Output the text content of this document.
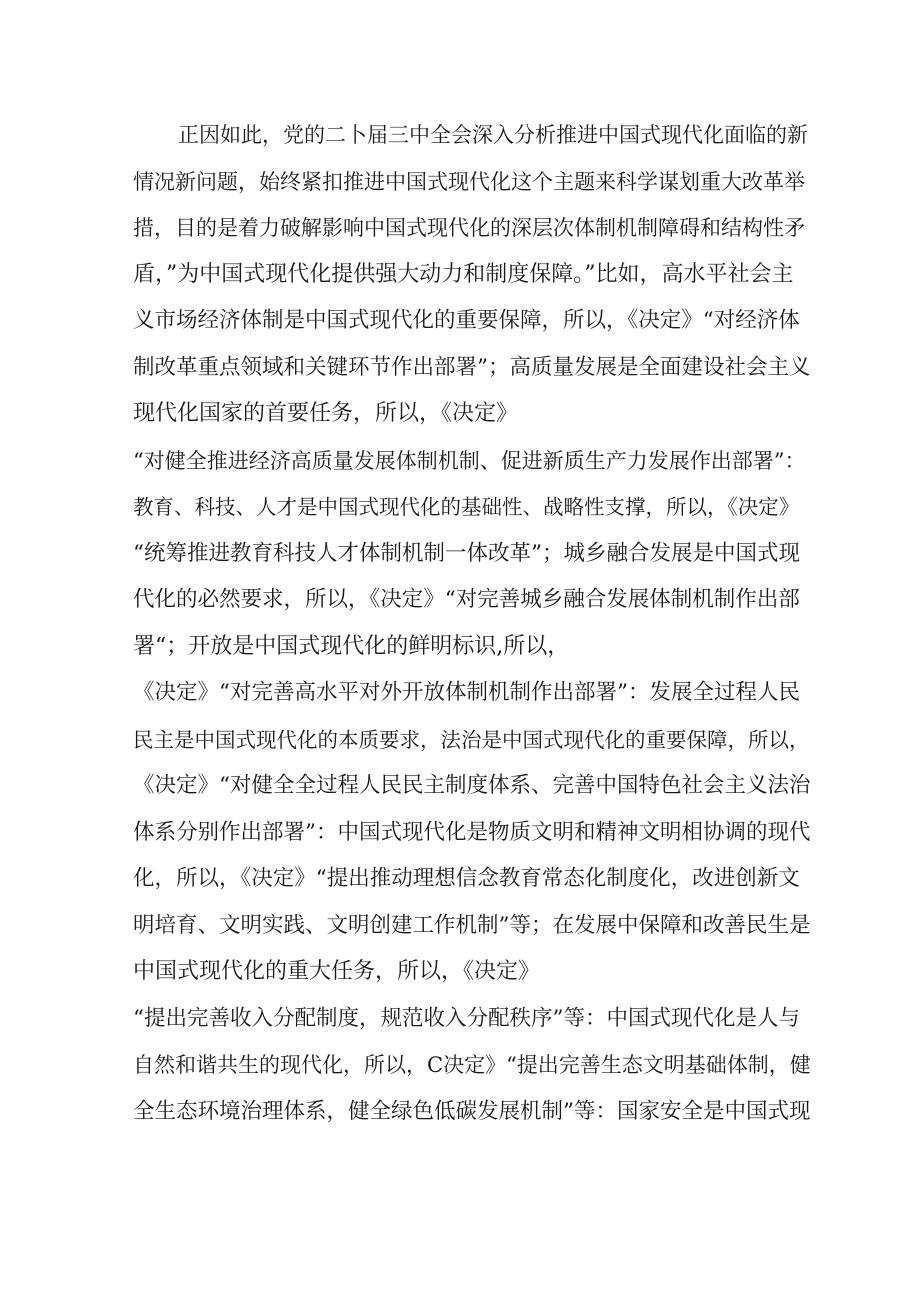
正因如此，党的二卜届三中全会深入分析推进中国式现代化面临的新
情况新问题，始终紧扣推进中国式现代化这个主题来科学谋划重大改革举
措，目的是着力破解影响中国式现代化的深层次体制机制障碍和结构性矛
盾，”为中国式现代化提供强大动力和制度保障。”比如，高水平社会主
义市场经济体制是中国式现代化的重要保障，所以，《决定》“对经济体
制改革重点领域和关键环节作出部署”；高质量发展是全面建设社会主义
现代化国家的首要任务，所以，《决定》
“对健全推进经济高质量发展体制机制、促进新质生产力发展作出部署”：
教育、科技、人才是中国式现代化的基础性、战略性支撑，所以，《决定》
“统筹推进教育科技人才体制机制一体改革”；城乡融合发展是中国式现
代化的必然要求，所以，《决定》“对完善城乡融合发展体制机制作出部
署“；开放是中国式现代化的鲜明标识,所以，
《决定》“对完善高水平对外开放体制机制作出部署”：发展全过程人民
民主是中国式现代化的本质要求，法治是中国式现代化的重要保障，所以，
《决定》“对健全全过程人民民主制度体系、完善中国特色社会主义法治
体系分别作出部署”：中国式现代化是物质文明和精神文明相协调的现代
化，所以，《决定》“提出推动理想信念教育常态化制度化，改进创新文
明培育、文明实践、文明创建工作机制”等；在发展中保障和改善民生是
中国式现代化的重大任务，所以，《决定》
“提出完善收入分配制度，规范收入分配秩序”等：中国式现代化是人与
自然和谐共生的现代化，所以，C决定》“提出完善生态文明基础体制，健
全生态环境治理体系，健全绿色低碳发展机制”等：国家安全是中国式现
